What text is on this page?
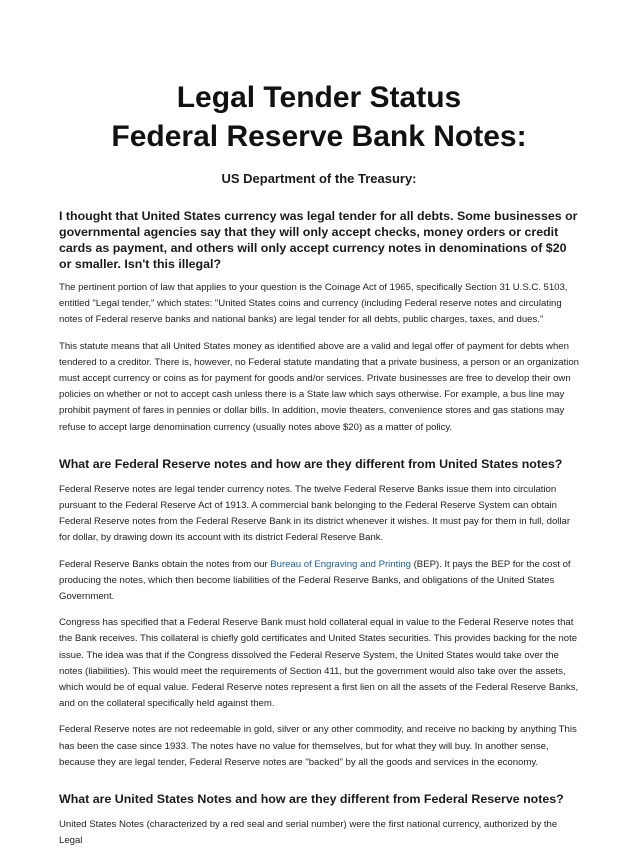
Legal Tender Status
Federal Reserve Bank Notes:
US Department of the Treasury:

I thought that United States currency was legal tender for all debts. Some businesses or governmental agencies say that they will only accept checks, money orders or credit cards as payment, and others will only accept currency notes in denominations of $20 or smaller. Isn't this illegal?

The pertinent portion of law that applies to your question is the Coinage Act of 1965, specifically Section 31 U.S.C. 5103, entitled "Legal tender," which states: "United States coins and currency (including Federal reserve notes and circulating notes of Federal reserve banks and national banks) are legal tender for all debts, public charges, taxes, and dues."

This statute means that all United States money as identified above are a valid and legal offer of payment for debts when tendered to a creditor. There is, however, no Federal statute mandating that a private business, a person or an organization must accept currency or coins as for payment for goods and/or services. Private businesses are free to develop their own policies on whether or not to accept cash unless there is a State law which says otherwise. For example, a bus line may prohibit payment of fares in pennies or dollar bills. In addition, movie theaters, convenience stores and gas stations may refuse to accept large denomination currency (usually notes above $20) as a matter of policy.

What are Federal Reserve notes and how are they different from United States notes?

Federal Reserve notes are legal tender currency notes. The twelve Federal Reserve Banks issue them into circulation pursuant to the Federal Reserve Act of 1913. A commercial bank belonging to the Federal Reserve System can obtain Federal Reserve notes from the Federal Reserve Bank in its district whenever it wishes. It must pay for them in full, dollar for dollar, by drawing down its account with its district Federal Reserve Bank.

Federal Reserve Banks obtain the notes from our Bureau of Engraving and Printing (BEP). It pays the BEP for the cost of producing the notes, which then become liabilities of the Federal Reserve Banks, and obligations of the United States Government.

Congress has specified that a Federal Reserve Bank must hold collateral equal in value to the Federal Reserve notes that the Bank receives. This collateral is chiefly gold certificates and United States securities. This provides backing for the note issue. The idea was that if the Congress dissolved the Federal Reserve System, the United States would take over the notes (liabilities). This would meet the requirements of Section 411, but the government would also take over the assets, which would be of equal value. Federal Reserve notes represent a first lien on all the assets of the Federal Reserve Banks, and on the collateral specifically held against them.

Federal Reserve notes are not redeemable in gold, silver or any other commodity, and receive no backing by anything This has been the case since 1933. The notes have no value for themselves, but for what they will buy. In another sense, because they are legal tender, Federal Reserve notes are "backed" by all the goods and services in the economy.

What are United States Notes and how are they different from Federal Reserve notes?

United States Notes (characterized by a red seal and serial number) were the first national currency, authorized by the Legal
